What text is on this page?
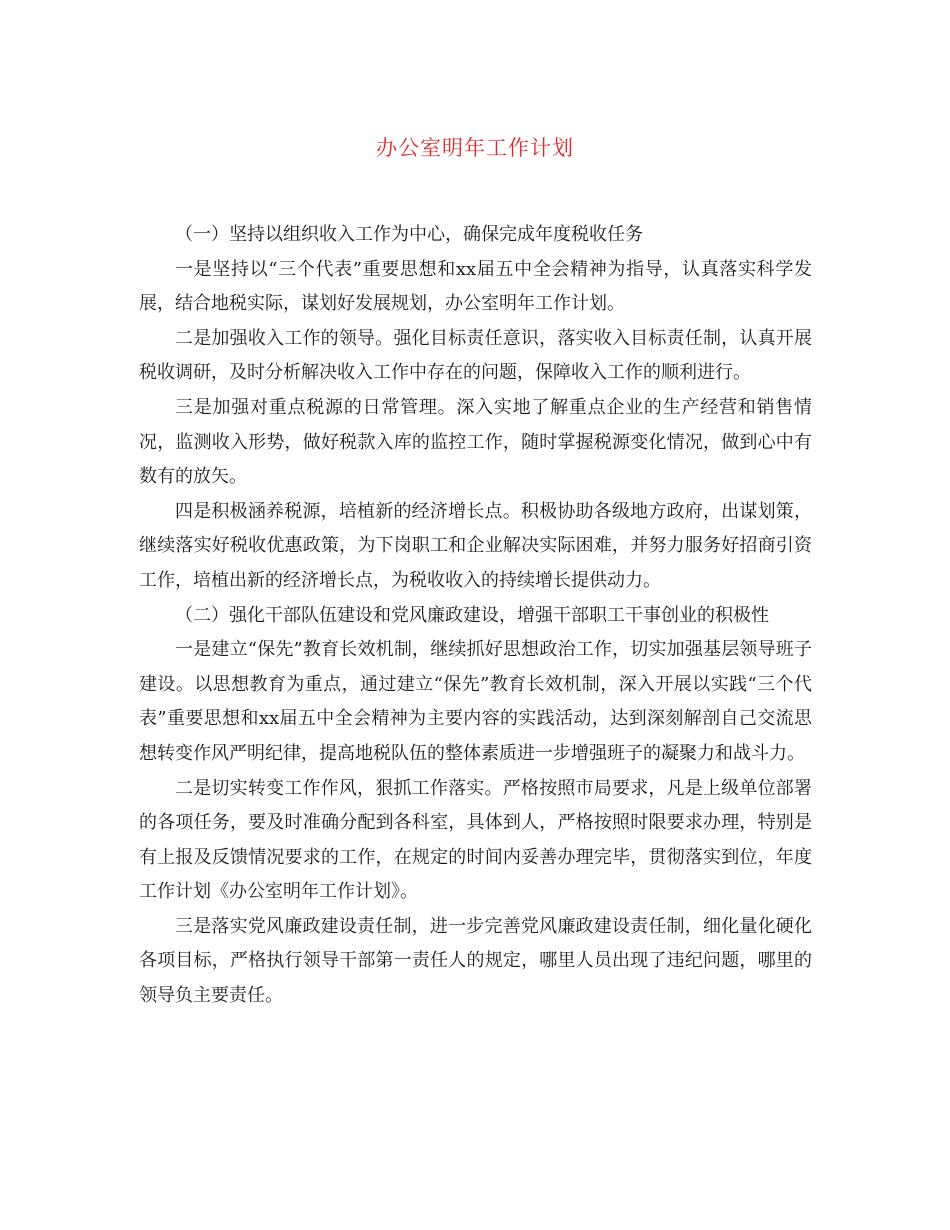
办公室明年工作计划

（一）坚持以组织收入工作为中心，确保完成年度税收任务

一是坚持以“三个代表”重要思想和xx届五中全会精神为指导，认真落实科学发展，结合地税实际，谋划好发展规划，办公室明年工作计划。

二是加强收入工作的领导。强化目标责任意识，落实收入目标责任制，认真开展税收调研，及时分析解决收入工作中存在的问题，保障收入工作的顺利进行。

三是加强对重点税源的日常管理。深入实地了解重点企业的生产经营和销售情况，监测收入形势，做好税款入库的监控工作，随时掌握税源变化情况，做到心中有数有的放矢。

四是积极涵养税源，培植新的经济增长点。积极协助各级地方政府，出谋划策，继续落实好税收优惠政策，为下岗职工和企业解决实际困难，并努力服务好招商引资工作，培植出新的经济增长点，为税收收入的持续增长提供动力。

（二）强化干部队伍建设和党风廉政建设，增强干部职工干事创业的积极性

一是建立“保先”教育长效机制，继续抓好思想政治工作，切实加强基层领导班子建设。以思想教育为重点，通过建立“保先”教育长效机制，深入开展以实践“三个代表”重要思想和xx届五中全会精神为主要内容的实践活动，达到深刻解剖自己交流思想转变作风严明纪律，提高地税队伍的整体素质进一步增强班子的凝聚力和战斗力。

二是切实转变工作作风，狠抓工作落实。严格按照市局要求，凡是上级单位部署的各项任务，要及时准确分配到各科室，具体到人，严格按照时限要求办理，特别是有上报及反馈情况要求的工作，在规定的时间内妥善办理完毕，贯彻落实到位，年度工作计划《办公室明年工作计划》。

三是落实党风廉政建设责任制，进一步完善党风廉政建设责任制，细化量化硬化各项目标，严格执行领导干部第一责任人的规定，哪里人员出现了违纪问题，哪里的领导负主要责任。
